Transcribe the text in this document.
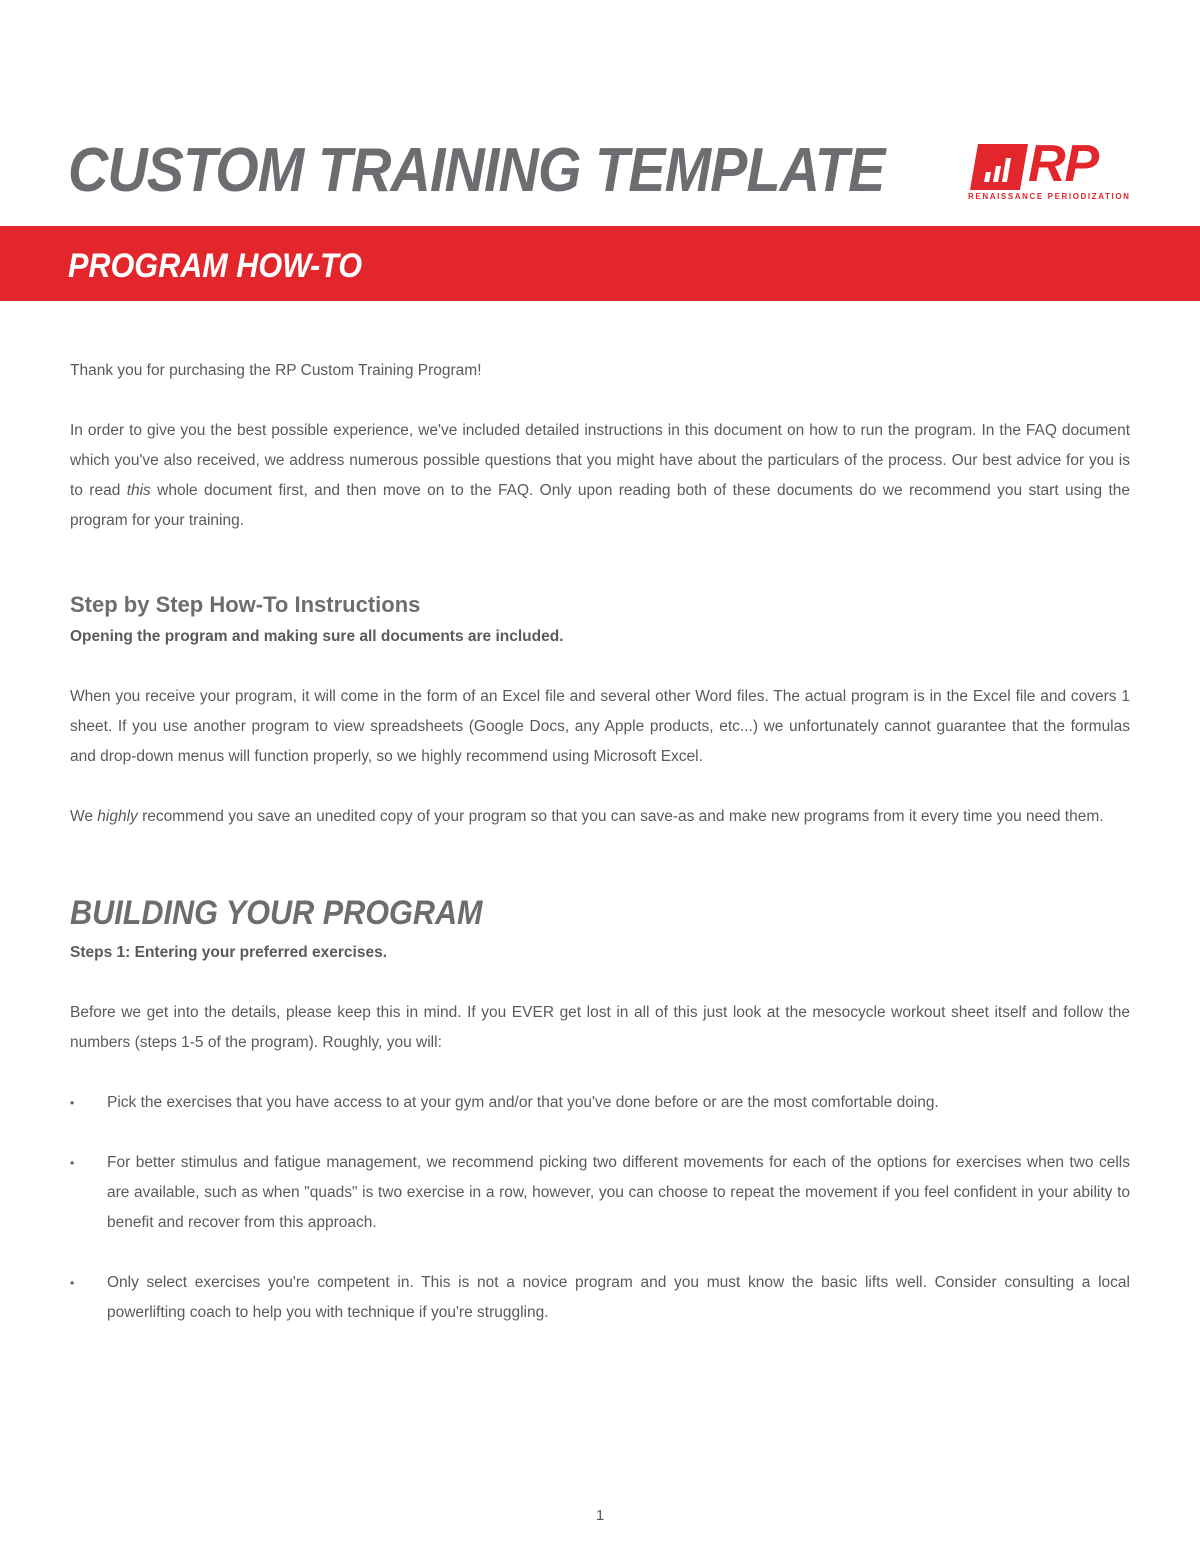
CUSTOM TRAINING TEMPLATE	RP
RENAISSANCE PERIODIZATION
PROGRAM HOW-TO

Thank you for purchasing the RP Custom Training Program!

In order to give you the best possible experience, we've included detailed instructions in this document on how to run the program. In the FAQ document which you've also received, we address numerous possible questions that you might have about the particulars of the process. Our best advice for you is to read this whole document first, and then move on to the FAQ. Only upon reading both of these documents do we recommend you start using the program for your training.

Step by Step How-To Instructions

Opening the program and making sure all documents are included.

When you receive your program, it will come in the form of an Excel file and several other Word files. The actual program is in the Excel file and covers 1 sheet. If you use another program to view spreadsheets (Google Docs, any Apple products, etc...) we unfortunately cannot guarantee that the formulas and drop-down menus will function properly, so we highly recommend using Microsoft Excel.

We highly recommend you save an unedited copy of your program so that you can save-as and make new programs from it every time you need them.

BUILDING YOUR PROGRAM

Steps 1: Entering your preferred exercises.

Before we get into the details, please keep this in mind. If you EVER get lost in all of this just look at the mesocycle workout sheet itself and follow the numbers (steps 1-5 of the program). Roughly, you will:

• Pick the exercises that you have access to at your gym and/or that you've done before or are the most comfortable doing.
• For better stimulus and fatigue management, we recommend picking two different movements for each of the options for exercises when two cells are available, such as when "quads" is two exercise in a row, however, you can choose to repeat the movement if you feel confident in your ability to benefit and recover from this approach.
• Only select exercises you're competent in. This is not a novice program and you must know the basic lifts well. Consider consulting a local powerlifting coach to help you with technique if you're struggling.
1
